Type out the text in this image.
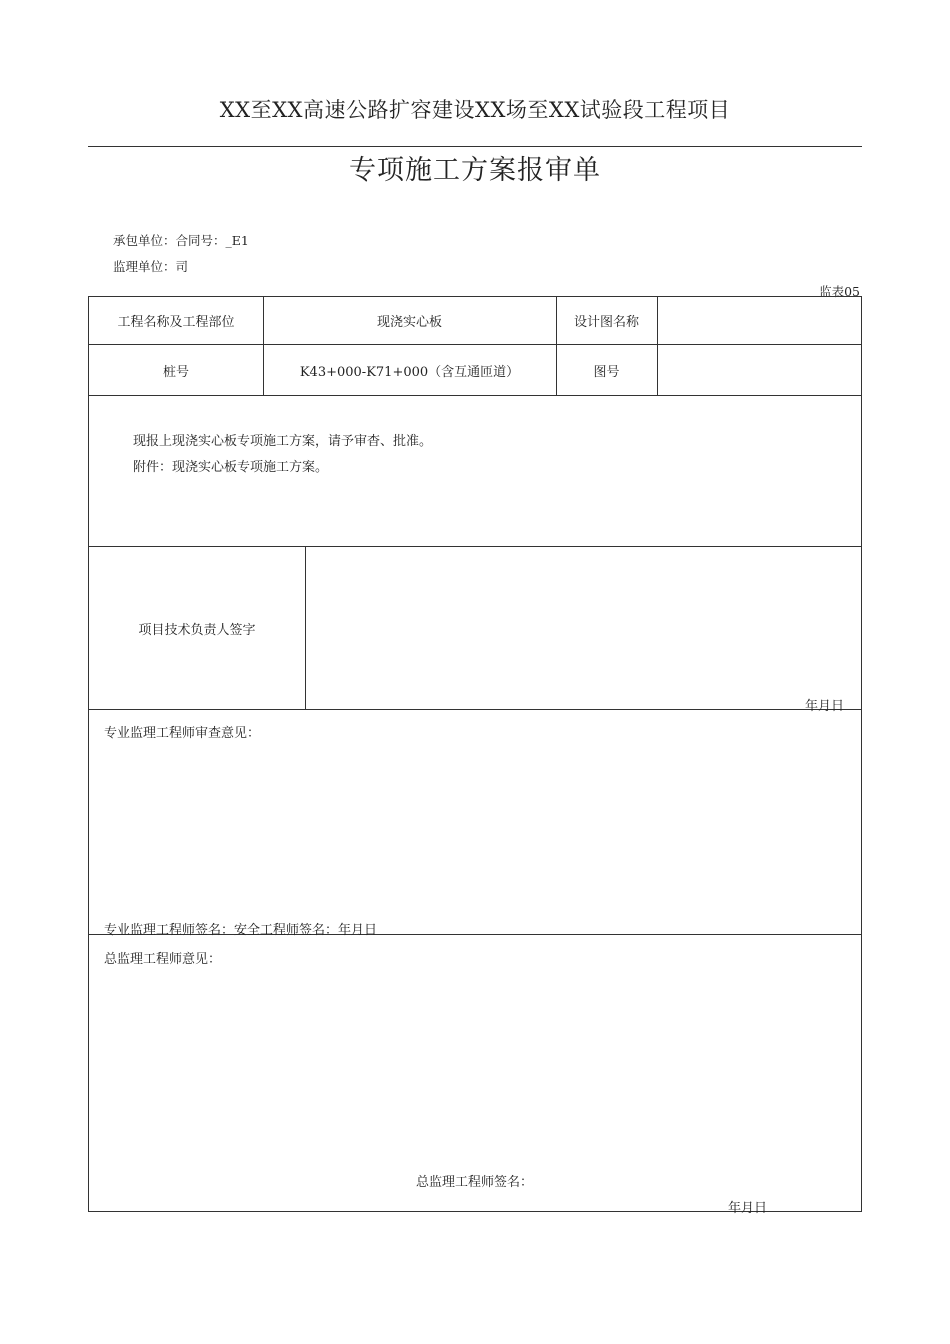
XX至XX高速公路扩容建设XX场至XX试验段工程项目
专项施工方案报审单
承包单位：合同号：_E1
监理单位：司
监表05
工程名称及工程部位	现浇实心板	设计图名称
桩号	K43+000-K71+000（含互通匝道）	图号
现报上现浇实心板专项施工方案，请予审杳、批准。
附件：现浇实心板专项施工方案。
项目技术负责人签字
年月日
专业监理工程师审查意见：
专业监理工程师签名：安全工程师签名：年月日
总监理工程师意见：
总监理工程师签名：
年月日
